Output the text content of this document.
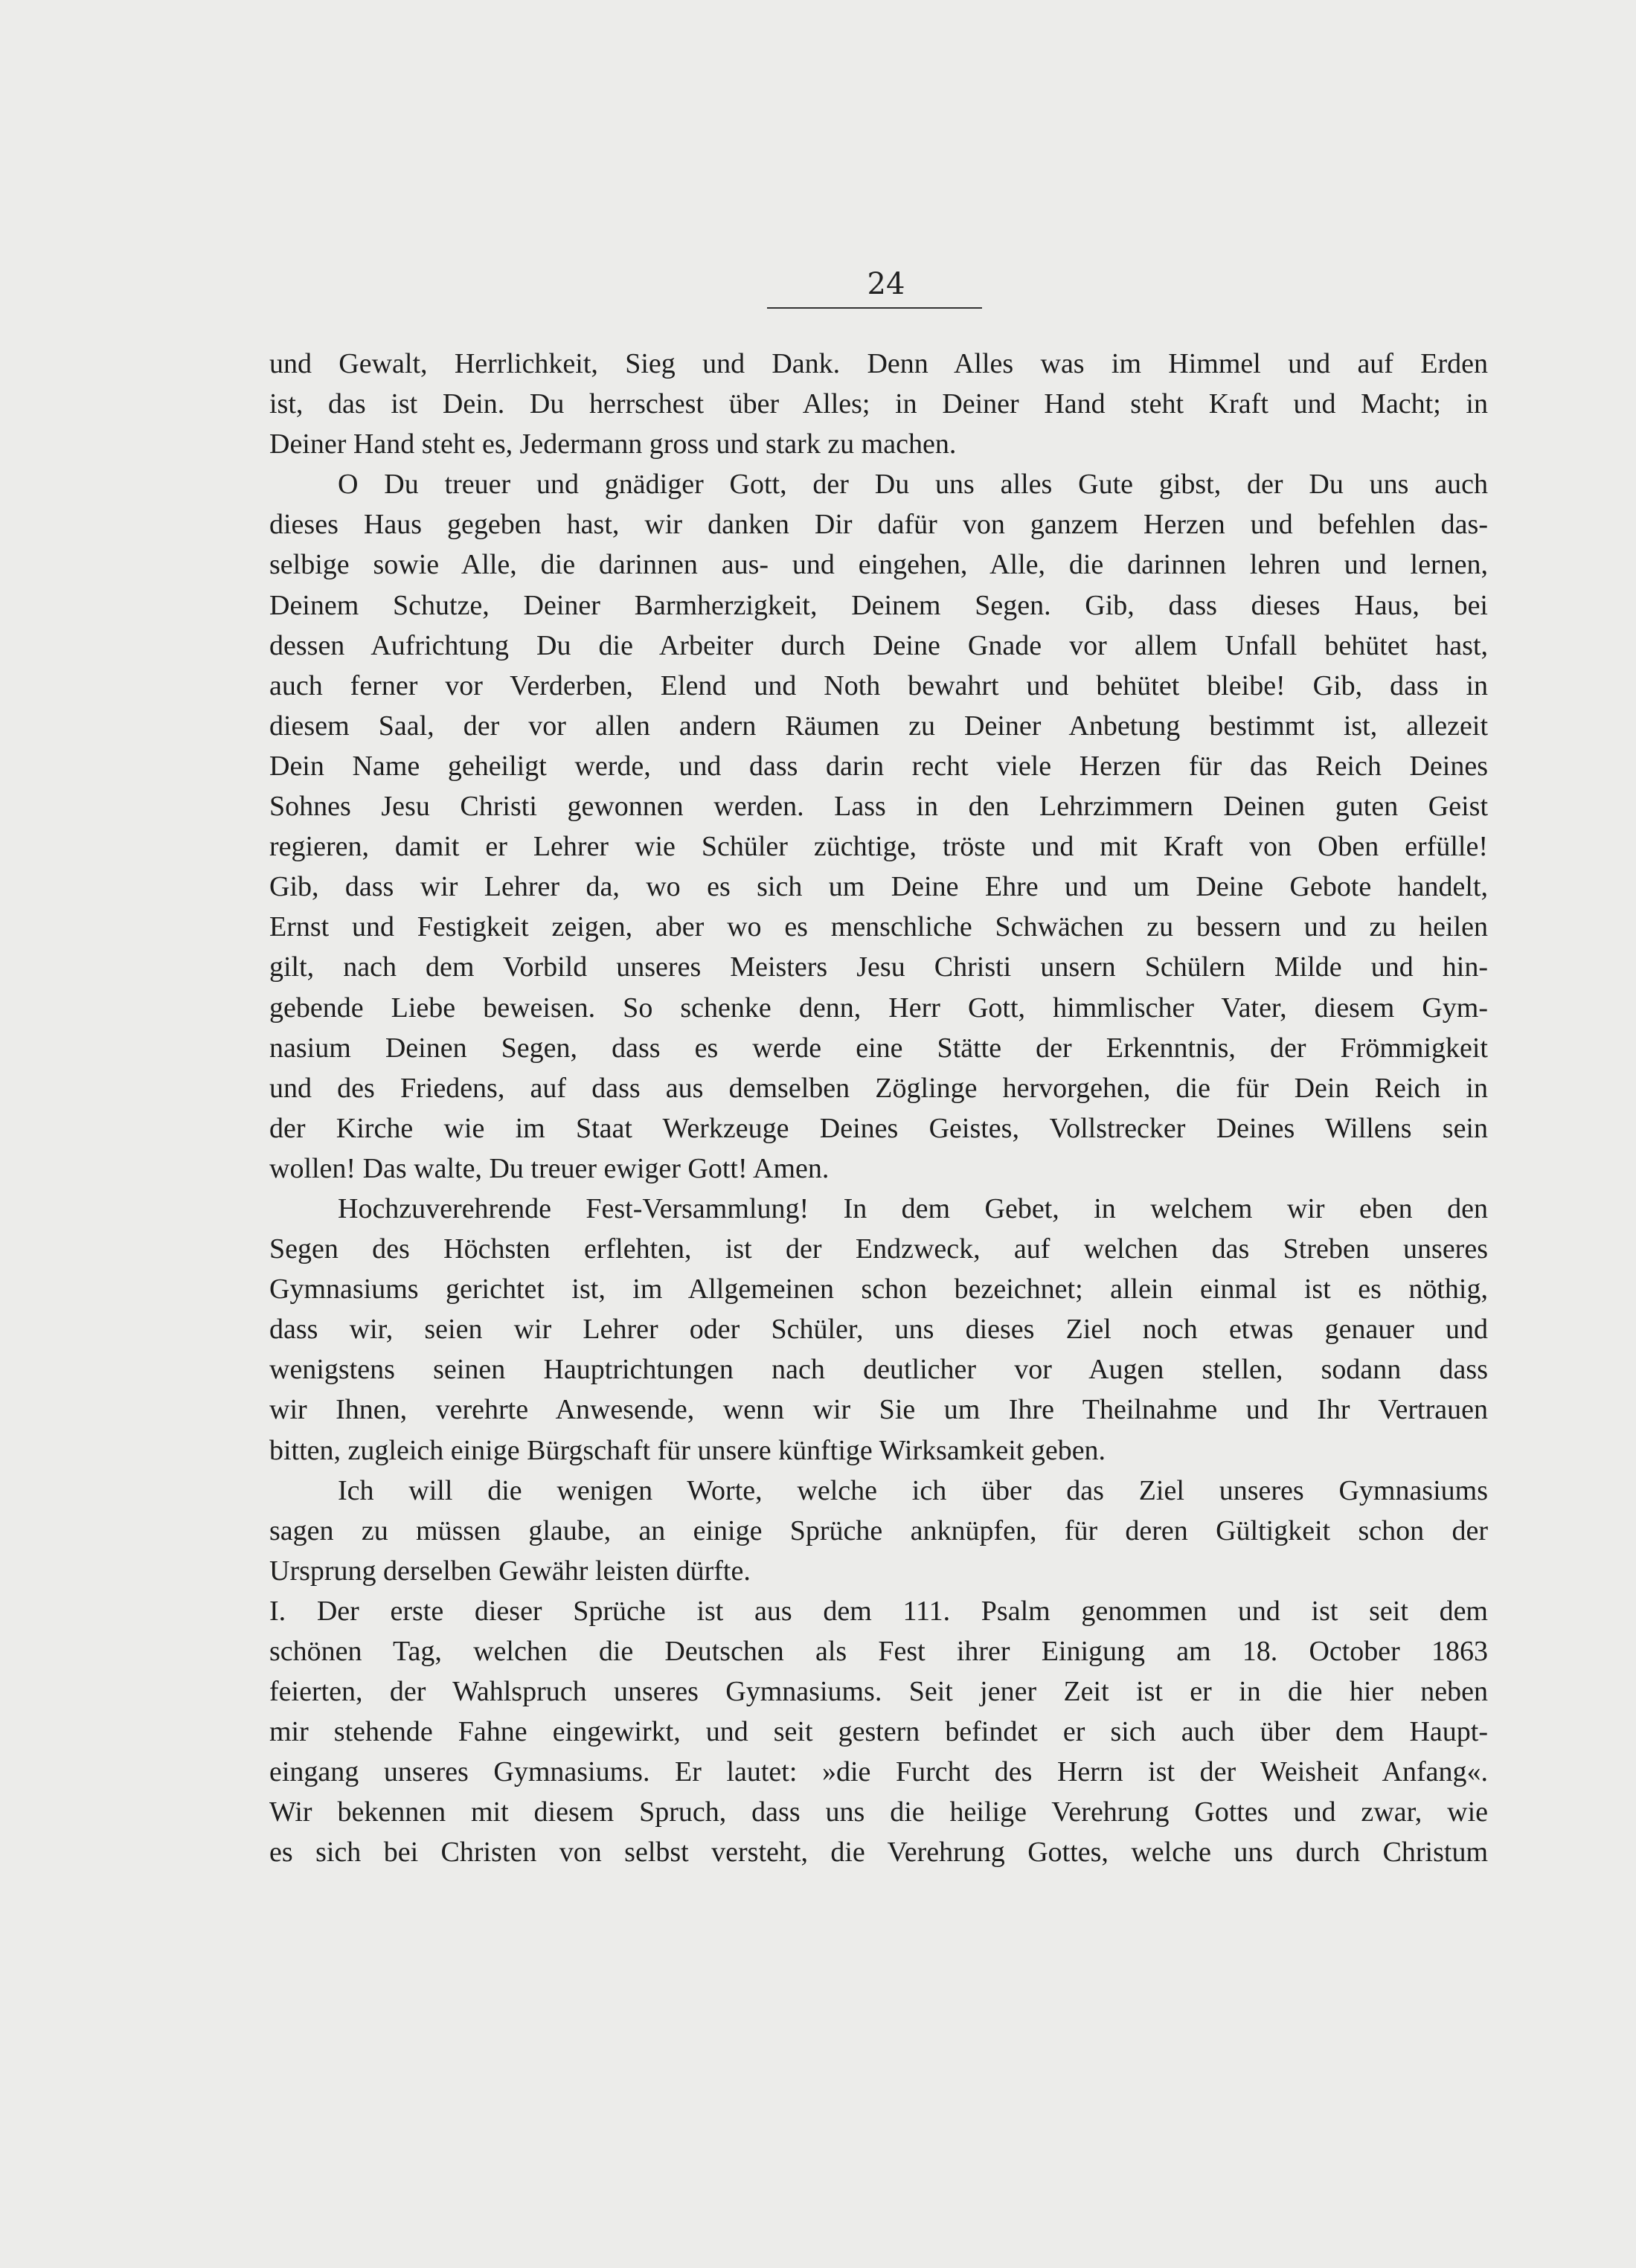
24
und Gewalt, Herrlichkeit, Sieg und Dank. Denn Alles was im Himmel und auf Erden
ist, das ist Dein. Du herrschest über Alles; in Deiner Hand steht Kraft und Macht; in
Deiner Hand steht es, Jedermann gross und stark zu machen.
O Du treuer und gnädiger Gott, der Du uns alles Gute gibst, der Du uns auch
dieses Haus gegeben hast, wir danken Dir dafür von ganzem Herzen und befehlen das-
selbige sowie Alle, die darinnen aus- und eingehen, Alle, die darinnen lehren und lernen,
Deinem Schutze, Deiner Barmherzigkeit, Deinem Segen. Gib, dass dieses Haus, bei
dessen Aufrichtung Du die Arbeiter durch Deine Gnade vor allem Unfall behütet hast,
auch ferner vor Verderben, Elend und Noth bewahrt und behütet bleibe! Gib, dass in
diesem Saal, der vor allen andern Räumen zu Deiner Anbetung bestimmt ist, allezeit
Dein Name geheiligt werde, und dass darin recht viele Herzen für das Reich Deines
Sohnes Jesu Christi gewonnen werden. Lass in den Lehrzimmern Deinen guten Geist
regieren, damit er Lehrer wie Schüler züchtige, tröste und mit Kraft von Oben erfülle!
Gib, dass wir Lehrer da, wo es sich um Deine Ehre und um Deine Gebote handelt,
Ernst und Festigkeit zeigen, aber wo es menschliche Schwächen zu bessern und zu heilen
gilt, nach dem Vorbild unseres Meisters Jesu Christi unsern Schülern Milde und hin-
gebende Liebe beweisen. So schenke denn, Herr Gott, himmlischer Vater, diesem Gym-
nasium Deinen Segen, dass es werde eine Stätte der Erkenntnis, der Frömmigkeit
und des Friedens, auf dass aus demselben Zöglinge hervorgehen, die für Dein Reich in
der Kirche wie im Staat Werkzeuge Deines Geistes, Vollstrecker Deines Willens sein
wollen! Das walte, Du treuer ewiger Gott! Amen.
Hochzuverehrende Fest-Versammlung! In dem Gebet, in welchem wir eben den
Segen des Höchsten erflehten, ist der Endzweck, auf welchen das Streben unseres
Gymnasiums gerichtet ist, im Allgemeinen schon bezeichnet; allein einmal ist es nöthig,
dass wir, seien wir Lehrer oder Schüler, uns dieses Ziel noch etwas genauer und
wenigstens seinen Hauptrichtungen nach deutlicher vor Augen stellen, sodann dass
wir Ihnen, verehrte Anwesende, wenn wir Sie um Ihre Theilnahme und Ihr Vertrauen
bitten, zugleich einige Bürgschaft für unsere künftige Wirksamkeit geben.
Ich will die wenigen Worte, welche ich über das Ziel unseres Gymnasiums
sagen zu müssen glaube, an einige Sprüche anknüpfen, für deren Gültigkeit schon der
Ursprung derselben Gewähr leisten dürfte.
I. Der erste dieser Sprüche ist aus dem 111. Psalm genommen und ist seit dem
schönen Tag, welchen die Deutschen als Fest ihrer Einigung am 18. October 1863
feierten, der Wahlspruch unseres Gymnasiums. Seit jener Zeit ist er in die hier neben
mir stehende Fahne eingewirkt, und seit gestern befindet er sich auch über dem Haupt-
eingang unseres Gymnasiums. Er lautet: »die Furcht des Herrn ist der Weisheit Anfang«.
Wir bekennen mit diesem Spruch, dass uns die heilige Verehrung Gottes und zwar, wie
es sich bei Christen von selbst versteht, die Verehrung Gottes, welche uns durch Christum
